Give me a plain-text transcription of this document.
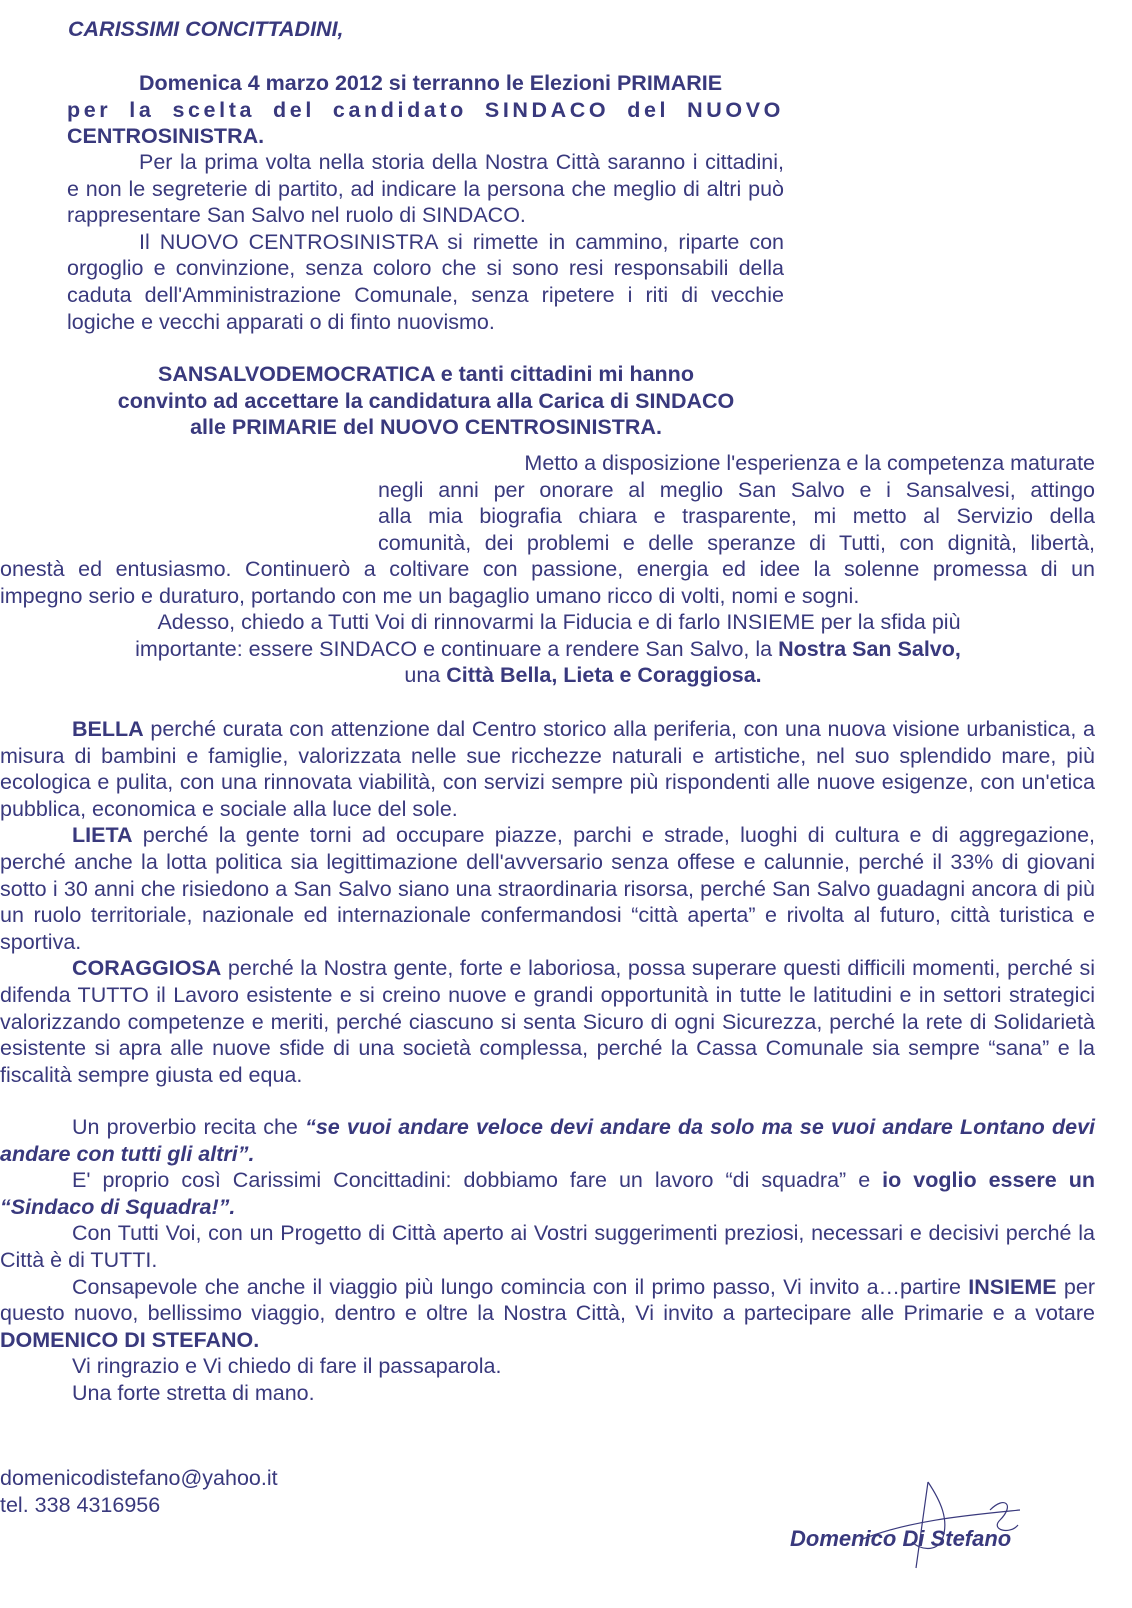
CARISSIMI CONCITTADINI,

Domenica 4 marzo 2012 si terranno le Elezioni PRIMARIE
per la scelta del candidato SINDACO del NUOVO
CENTROSINISTRA.

Per la prima volta nella storia della Nostra Città saranno i cittadini, e non le segreterie di partito, ad indicare la persona che meglio di altri può rappresentare San Salvo nel ruolo di SINDACO.

Il NUOVO CENTROSINISTRA si rimette in cammino, riparte con orgoglio e convinzione, senza coloro che si sono resi responsabili della caduta dell'Amministrazione Comunale, senza ripetere i riti di vecchie logiche e vecchi apparati o di finto nuovismo.

SANSALVODEMOCRATICA e tanti cittadini mi hanno
convinto ad accettare la candidatura alla Carica di SINDACO
alle PRIMARIE del NUOVO CENTROSINISTRA.
Metto a disposizione l'esperienza e la competenza maturate
negli anni per onorare al meglio San Salvo e i Sansalvesi, attingo
alla mia biografia chiara e trasparente, mi metto al Servizio della
comunità, dei problemi e delle speranze di Tutti, con dignità, libertà,
onestà ed entusiasmo. Continuerò a coltivare con passione, energia ed idee la solenne promessa di un
impegno serio e duraturo, portando con me un bagaglio umano ricco di volti, nomi e sogni.
Adesso, chiedo a Tutti Voi di rinnovarmi la Fiducia e di farlo INSIEME per la sfida più
importante: essere SINDACO e continuare a rendere San Salvo, la Nostra San Salvo,
una Città Bella, Lieta e Coraggiosa.

BELLA perché curata con attenzione dal Centro storico alla periferia, con una nuova visione urbanistica, a misura di bambini e famiglie, valorizzata nelle sue ricchezze naturali e artistiche, nel suo splendido mare, più ecologica e pulita, con una rinnovata viabilità, con servizi sempre più rispondenti alle nuove esigenze, con un'etica pubblica, economica e sociale alla luce del sole.

LIETA perché la gente torni ad occupare piazze, parchi e strade, luoghi di cultura e di aggregazione, perché anche la lotta politica sia legittimazione dell'avversario senza offese e calunnie, perché il 33% di giovani sotto i 30 anni che risiedono a San Salvo siano una straordinaria risorsa, perché San Salvo guadagni ancora di più un ruolo territoriale, nazionale ed internazionale confermandosi “città aperta” e rivolta al futuro, città turistica e sportiva.

CORAGGIOSA perché la Nostra gente, forte e laboriosa, possa superare questi difficili momenti, perché si difenda TUTTO il Lavoro esistente e si creino nuove e grandi opportunità in tutte le latitudini e in settori strategici valorizzando competenze e meriti, perché ciascuno si senta Sicuro di ogni Sicurezza, perché la rete di Solidarietà esistente si apra alle nuove sfide di una società complessa, perché la Cassa Comunale sia sempre “sana” e la fiscalità sempre giusta ed equa.

Un proverbio recita che “se vuoi andare veloce devi andare da solo ma se vuoi andare Lontano devi andare con tutti gli altri”.

E' proprio così Carissimi Concittadini: dobbiamo fare un lavoro “di squadra” e io voglio essere un “Sindaco di Squadra!”.

Con Tutti Voi, con un Progetto di Città aperto ai Vostri suggerimenti preziosi, necessari e decisivi perché la Città è di TUTTI.

Consapevole che anche il viaggio più lungo comincia con il primo passo, Vi invito a…partire INSIEME per questo nuovo, bellissimo viaggio, dentro e oltre la Nostra Città, Vi invito a partecipare alle Primarie e a votare DOMENICO DI STEFANO.

Vi ringrazio e Vi chiedo di fare il passaparola.

Una forte stretta di mano.

domenicodistefano@yahoo.it
tel. 338 4316956
Domenico Di Stefano
